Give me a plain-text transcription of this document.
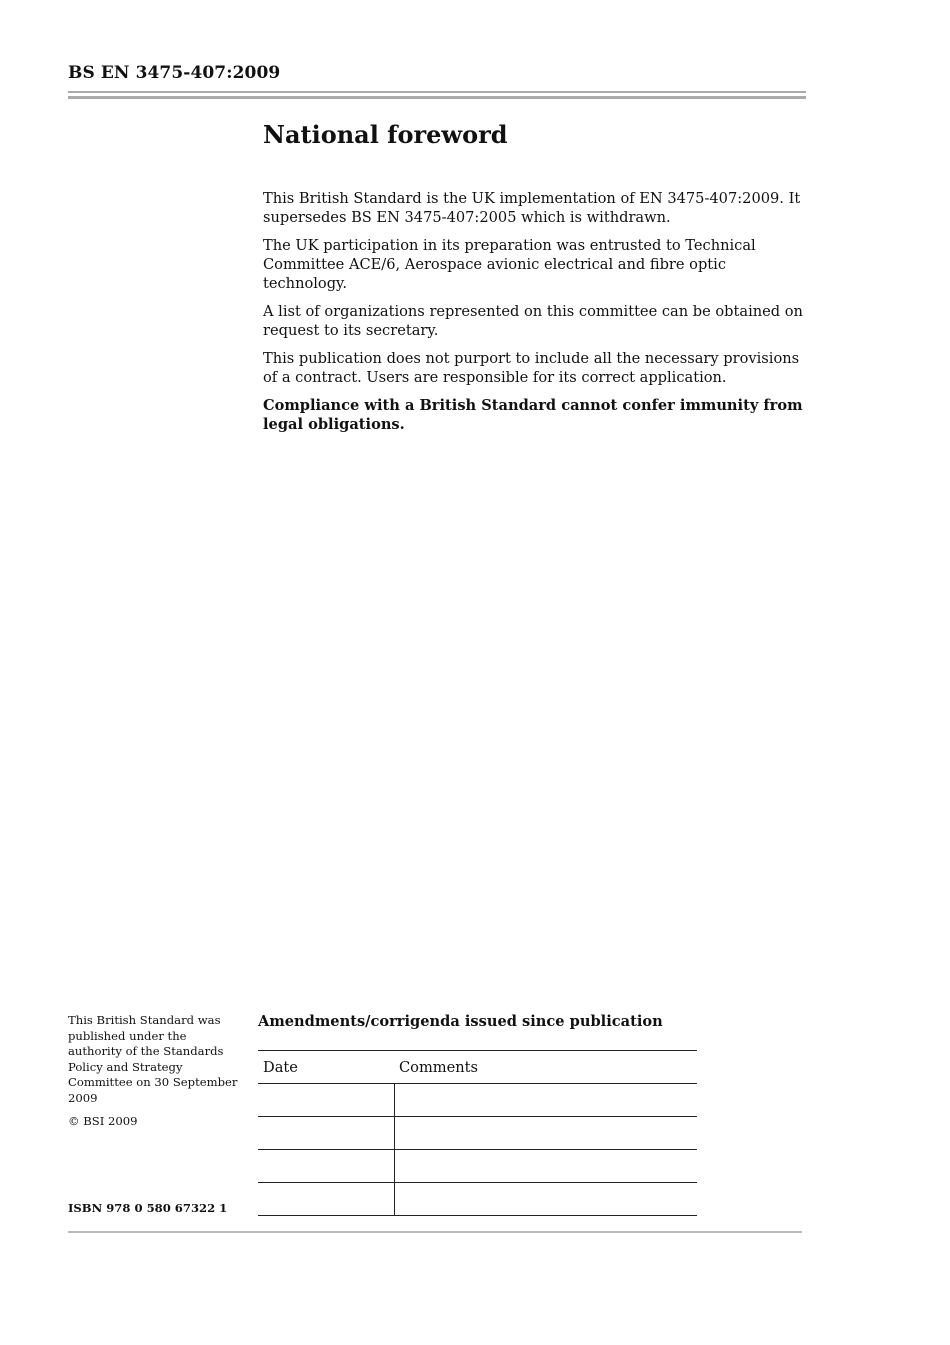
BS EN 3475-407:2009
National foreword

This British Standard is the UK implementation of EN 3475-407:2009. It supersedes BS EN 3475-407:2005 which is withdrawn.

The UK participation in its preparation was entrusted to Technical Committee ACE/6, Aerospace avionic electrical and fibre optic technology.

A list of organizations represented on this committee can be obtained on request to its secretary.

This publication does not purport to include all the necessary provisions of a contract. Users are responsible for its correct application.

Compliance with a British Standard cannot confer immunity from legal obligations.

This British Standard was published under the authority of the Standards Policy and Strategy Committee on 30 September 2009

© BSI 2009

ISBN 978 0 580 67322 1
Amendments/corrigenda issued since publication
Date	Comments
